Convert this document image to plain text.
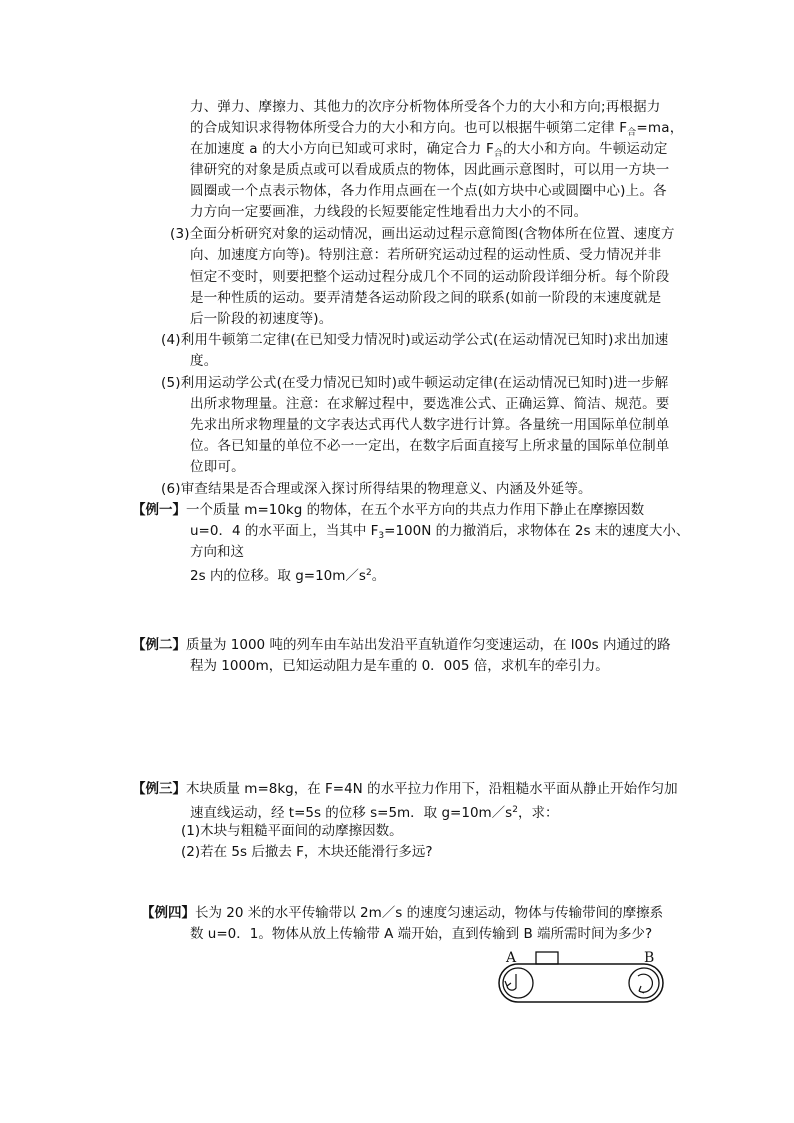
力、弹力、摩擦力、其他力的次序分析物体所受各个力的大小和方向;再根据力
的合成知识求得物体所受合力的大小和方向。也可以根据牛顿第二定律 $F_合=ma$，
在加速度 a 的大小方向已知或可求时，确定合力 $F_合$的大小和方向。牛顿运动定
律研究的对象是质点或可以看成质点的物体，因此画示意图时，可以用一方块一
圆圈或一个点表示物体，各力作用点画在一个点(如方块中心或圆圈中心)上。各
力方向一定要画准，力线段的长短要能定性地看出力大小的不同。
(3)全面分析研究对象的运动情况，画出运动过程示意简图(含物体所在位置、速度方
向、加速度方向等)。特别注意：若所研究运动过程的运动性质、受力情况并非
恒定不变时，则要把整个运动过程分成几个不同的运动阶段详细分析。每个阶段
是一种性质的运动。要弄清楚各运动阶段之间的联系(如前一阶段的末速度就是
后一阶段的初速度等)。
(4)利用牛顿第二定律(在已知受力情况时)或运动学公式(在运动情况已知时)求出加速
度。
(5)利用运动学公式(在受力情况已知时)或牛顿运动定律(在运动情况已知时)进一步解
出所求物理量。注意：在求解过程中，要选准公式、正确运算、简洁、规范。要
先求出所求物理量的文字表达式再代人数字进行计算。各量统一用国际单位制单
位。各已知量的单位不必一一定出，在数字后面直接写上所求量的国际单位制单
位即可。
(6)审查结果是否合理或深入探讨所得结果的物理意义、内涵及外延等。
【例一】一个质量 m=10kg 的物体，在五个水平方向的共点力作用下静止在摩擦因数
u=0．4 的水平面上，当其中 $F_3=100N$ 的力撤消后，求物体在 2s 末的速度大小、
方向和这
2s 内的位移。取 $g=10m/s^2$。
【例二】质量为 1000 吨的列车由车站出发沿平直轨道作匀变速运动，在 l00s 内通过的路
程为 1000m，已知运动阻力是车重的 0．005 倍，求机车的牵引力。
【例三】木块质量 m=8kg，在 F=4N 的水平拉力作用下，沿粗糙水平面从静止开始作匀加
速直线运动，经 t=5s 的位移 s=5m．取 $g=10m/s^2$，求：
(1)木块与粗糙平面间的动摩擦因数。
(2)若在 5s 后撤去 F，木块还能滑行多远?
【例四】长为 20 米的水平传输带以 2m／s 的速度匀速运动，物体与传输带间的摩擦系
数 u=0．1。物体从放上传输带 A 端开始，直到传输到 B 端所需时间为多少?
A	B
